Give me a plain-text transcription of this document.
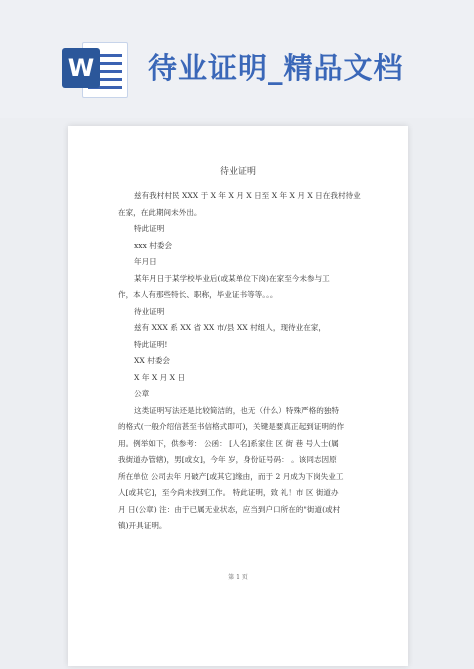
W 待业证明_精品文档
待业证明
兹有我村村民 XXX 于 X 年 X 月 X 日至 X 年 X 月 X 日在我村待业
在家，在此期间未外出。
特此证明
xxx 村委会
年月日
某年月日于某学校毕业后(或某单位下岗)在家至今未参与工
作，本人有那些特长、职称，毕业证书等等。。。
待业证明
兹有 XXX 系 XX 省 XX 市/县 XX 村组人，现待业在家，
特此证明!
XX 村委会
X 年 X 月 X 日
公章
这类证明写法还是比较简洁的，也无（什么）特殊严格的独特
的格式(一般介绍信甚至书信格式即可)，关键是要真正起到证明的作
用。例举如下，供参考： 公函： [人名]系家住 区 街 巷 号人士(属
我街道办管辖)，男[或女]，今年 岁，身份证号码： 。该同志因原
所在单位 公司去年 月破产[或其它]缘由，而于 2 月成为下岗失业工
人[或其它]，至今尚未找到工作。 特此证明，致 礼！市 区 街道办
月 日(公章) 注：由于已属无业状态，应当到户口所在的"街道(或村
镇)开具证明。
第 1 页
